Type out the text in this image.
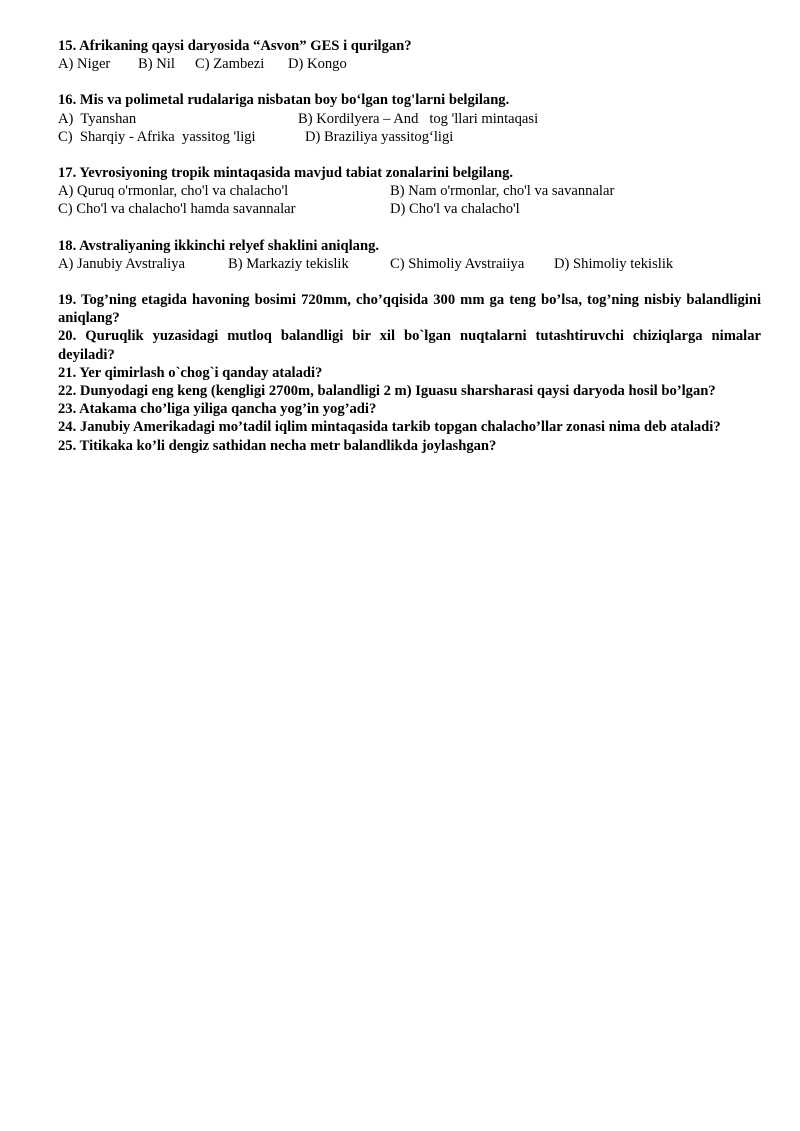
15. Afrikaning qaysi daryosida “Asvon” GES i qurilgan?
A) Niger	B) Nil	C) Zambezi	D) Kongo
16. Mis va polimetal rudalariga nisbatan boy bo‘lgan tog'larni belgilang.
A)  Tyanshan	B) Kordilyera – And   tog 'llari mintaqasi
C)  Sharqiy - Afrika  yassitog 'ligi	D) Braziliya yassitog‘ligi
17. Yevrosiyoning tropik mintaqasida mavjud tabiat zonalarini belgilang.
A) Quruq o'rmonlar, cho'l va chalacho'l	B) Nam o'rmonlar, cho'l va savannalar
C) Cho'l va chalacho'l hamda savannalar	D) Cho'l va chalacho'l
18. Avstraliyaning ikkinchi relyef shaklini aniqlang.
A) Janubiy Avstraliya	B) Markaziy tekislik	C) Shimoliy Avstraiiya	D) Shimoliy tekislik
19. Tog’ning etagida havoning bosimi 720mm, cho’qqisida 300 mm ga teng bo’lsa, tog’ning nisbiy balandligini aniqlang?
20. Quruqlik yuzasidagi mutloq balandligi bir xil bo`lgan nuqtalarni tutashtiruvchi chiziqlarga nimalar deyiladi?
21. Yer qimirlash o`chog`i qanday ataladi?
22. Dunyodagi eng keng (kengligi 2700m, balandligi 2 m) Iguasu sharsharasi qaysi daryoda hosil bo’lgan?
23. Atakama cho’liga yiliga qancha yog’in yog’adi?
24. Janubiy Amerikadagi mo’tadil iqlim mintaqasida tarkib topgan chalacho’llar zonasi nima deb ataladi?
25. Titikaka ko’li dengiz sathidan necha metr balandlikda joylashgan?
